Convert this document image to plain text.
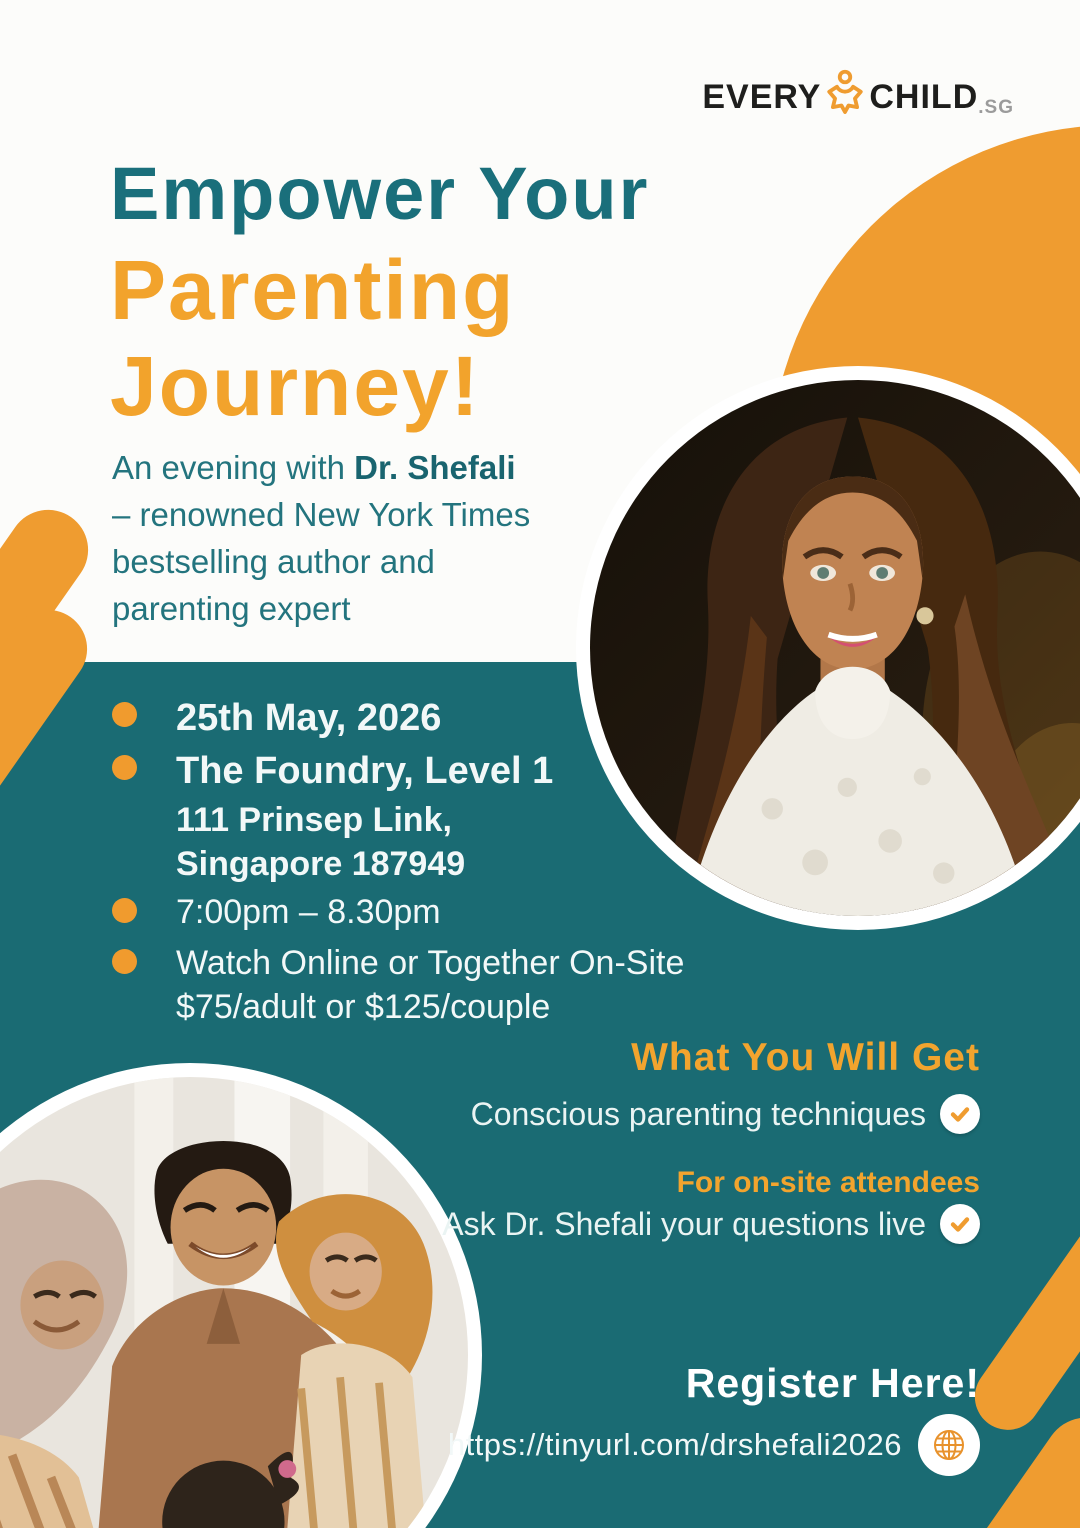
EVERY CHILD .SG
Empower Your
Parenting
Journey!
An evening with Dr. Shefali
– renowned New York Times
bestselling author and
parenting expert
25th May, 2026
The Foundry, Level 1
111 Prinsep Link,
Singapore 187949
7:00pm – 8.30pm
Watch Online or Together On-Site
$75/adult or $125/couple
What You Will Get
Conscious parenting techniques
For on-site attendees
Ask Dr. Shefali your questions live
Register Here!
https://tinyurl.com/drshefali2026
